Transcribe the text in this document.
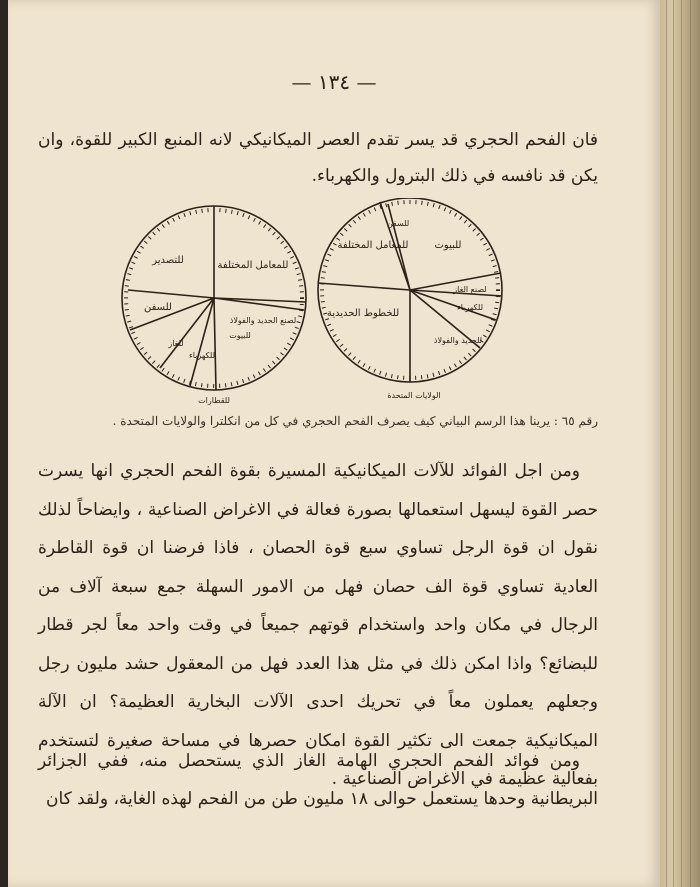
— ١٣٤ —
فان الفحم الحجري قد يسر تقدم العصر الميكانيكي لانه المنبع الكبير للقوة، وان يكن قد نافسه في ذلك البترول والكهرباء.
للتصدير
للسفن
للمعامل المختلفة
لصنع الحديد والفولاذ
للبيوت
للغاز
للكهرباء
للقطارات
للمعامل المختلفة
للخطوط الحديدية
للبيوت
للحديد والفولاذ
لصنع الغاز
للكهرباء
للسفن
الولايات المتحدة
رقم ٦٥ : يرينا هذا الرسم البياني كيف يصرف الفحم الحجري في كل من انكلترا والولايات المتحدة .
ومن اجل الفوائد للآلات الميكانيكية المسيرة بقوة الفحم الحجري انها يسرت حصر القوة ليسهل استعمالها بصورة فعالة في الاغراض الصناعية ، وايضاحاً لذلك نقول ان قوة الرجل تساوي سبع قوة الحصان ، فاذا فرضنا ان قوة القاطرة العادية تساوي قوة الف حصان فهل من الامور السهلة جمع سبعة آلاف من الرجال في مكان واحد واستخدام قوتهم جميعاً في وقت واحد معاً لجر قطار للبضائع؟ واذا امكن ذلك في مثل هذا العدد فهل من المعقول حشد مليون رجل وجعلهم يعملون معاً في تحريك احدى الآلات البخارية العظيمة؟ ان الآلة الميكانيكية جمعت الى تكثير القوة امكان حصرها في مساحة صغيرة لتستخدم بفعالية عظيمة في الاغراض الصناعية .
ومن فوائد الفحم الحجري الهامة الغاز الذي يستحصل منه، ففي الجزائر البريطانية وحدها يستعمل حوالى ١٨ مليون طن من الفحم لهذه الغاية، ولقد كان
